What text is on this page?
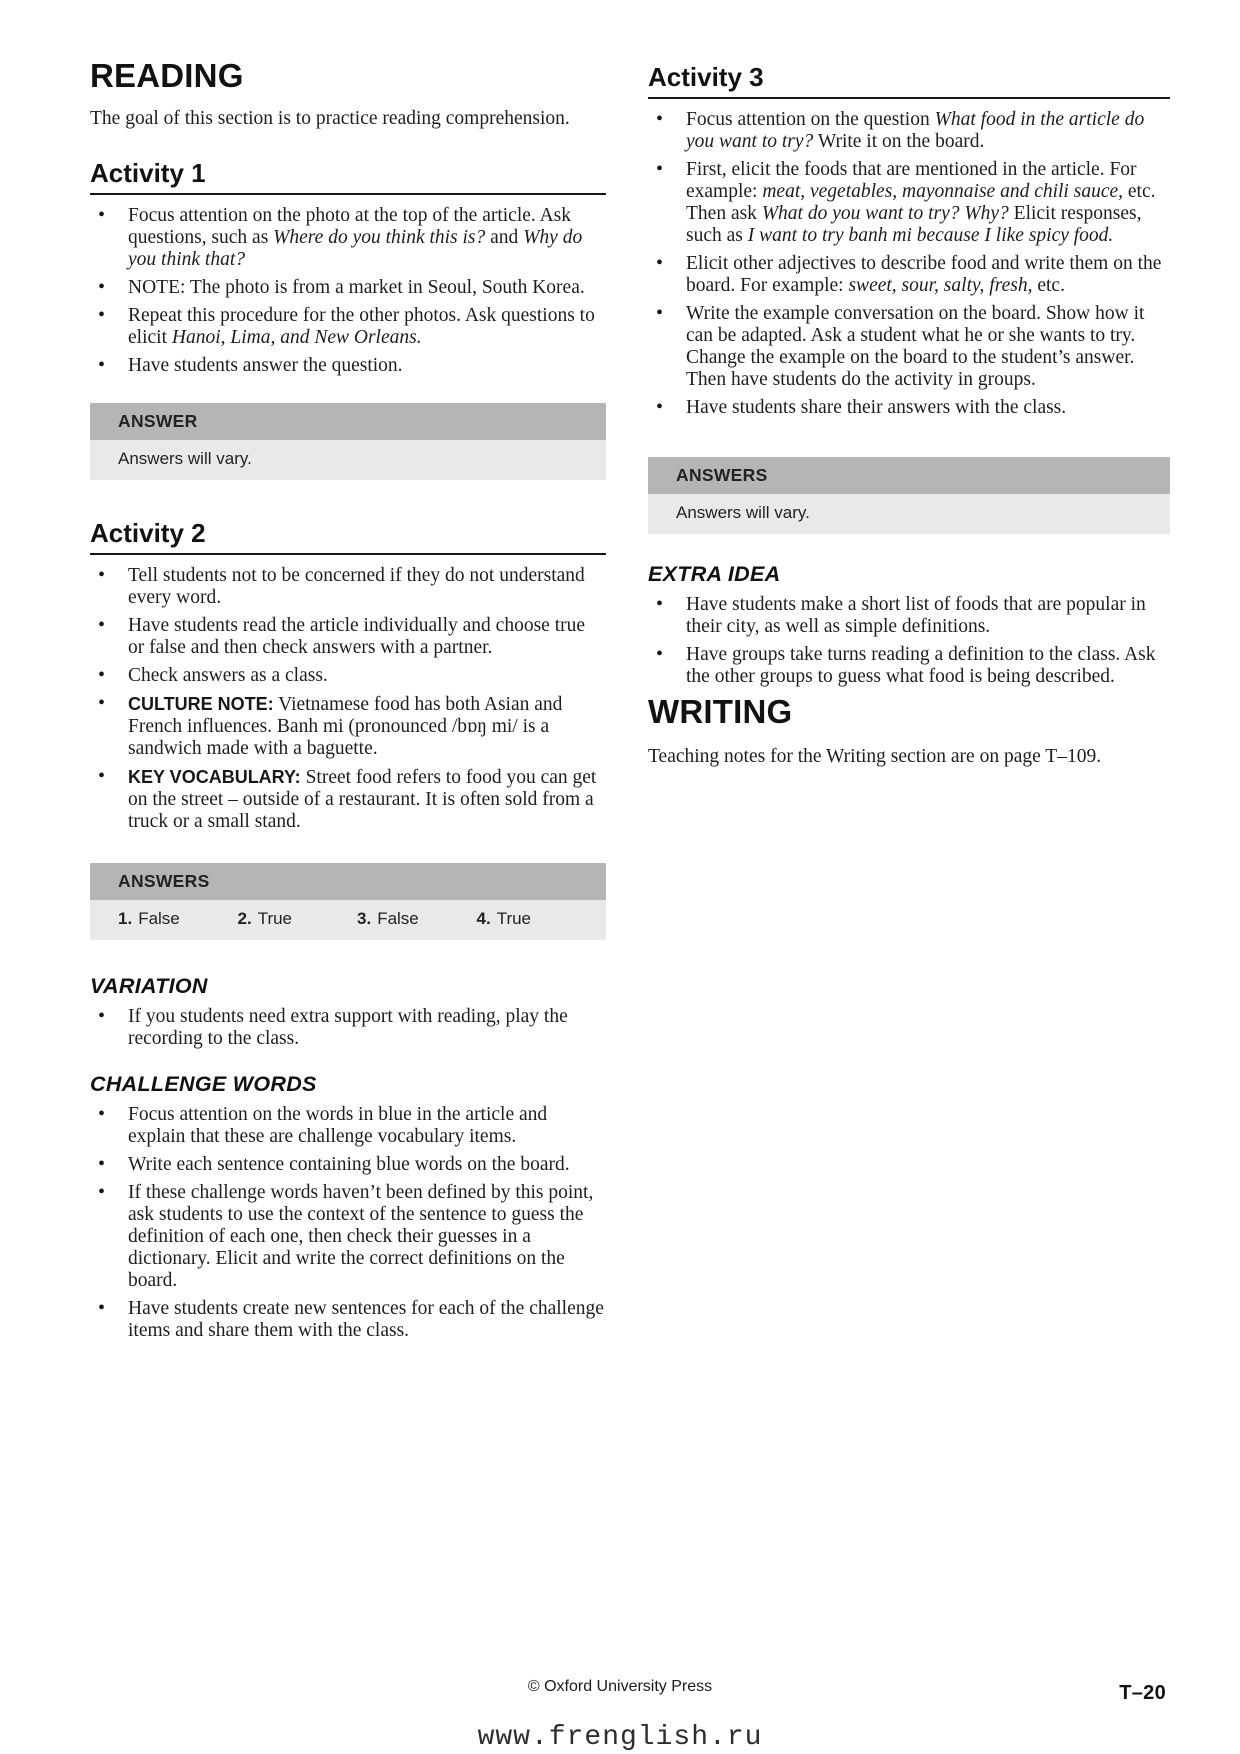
READING

The goal of this section is to practice reading comprehension.

Activity 1
• Focus attention on the photo at the top of the article. Ask questions, such as Where do you think this is? and Why do you think that?
• NOTE: The photo is from a market in Seoul, South Korea.
• Repeat this procedure for the other photos. Ask questions to elicit Hanoi, Lima, and New Orleans.
• Have students answer the question.
ANSWER
Answers will vary.
Activity 2
• Tell students not to be concerned if they do not understand every word.
• Have students read the article individually and choose true or false and then check answers with a partner.
• Check answers as a class.
• CULTURE NOTE: Vietnamese food has both Asian and French influences. Banh mi (pronounced /bɒŋ mi/ is a sandwich made with a baguette.
• KEY VOCABULARY: Street food refers to food you can get on the street – outside of a restaurant. It is often sold from a truck or a small stand.
ANSWERS
1. False	2. True	3. False	4. True
VARIATION
• If you students need extra support with reading, play the recording to the class.
CHALLENGE WORDS
• Focus attention on the words in blue in the article and explain that these are challenge vocabulary items.
• Write each sentence containing blue words on the board.
• If these challenge words haven’t been defined by this point, ask students to use the context of the sentence to guess the definition of each one, then check their guesses in a dictionary. Elicit and write the correct definitions on the board.
• Have students create new sentences for each of the challenge items and share them with the class.
Activity 3
• Focus attention on the question What food in the article do you want to try? Write it on the board.
• First, elicit the foods that are mentioned in the article. For example: meat, vegetables, mayonnaise and chili sauce, etc. Then ask What do you want to try? Why? Elicit responses, such as I want to try banh mi because I like spicy food.
• Elicit other adjectives to describe food and write them on the board. For example: sweet, sour, salty, fresh, etc.
• Write the example conversation on the board. Show how it can be adapted. Ask a student what he or she wants to try. Change the example on the board to the student’s answer. Then have students do the activity in groups.
• Have students share their answers with the class.
ANSWERS
Answers will vary.
EXTRA IDEA
• Have students make a short list of foods that are popular in their city, as well as simple definitions.
• Have groups take turns reading a definition to the class. Ask the other groups to guess what food is being described.
WRITING

Teaching notes for the Writing section are on page T–109.

© Oxford University Press	T–20
www.frenglish.ru
